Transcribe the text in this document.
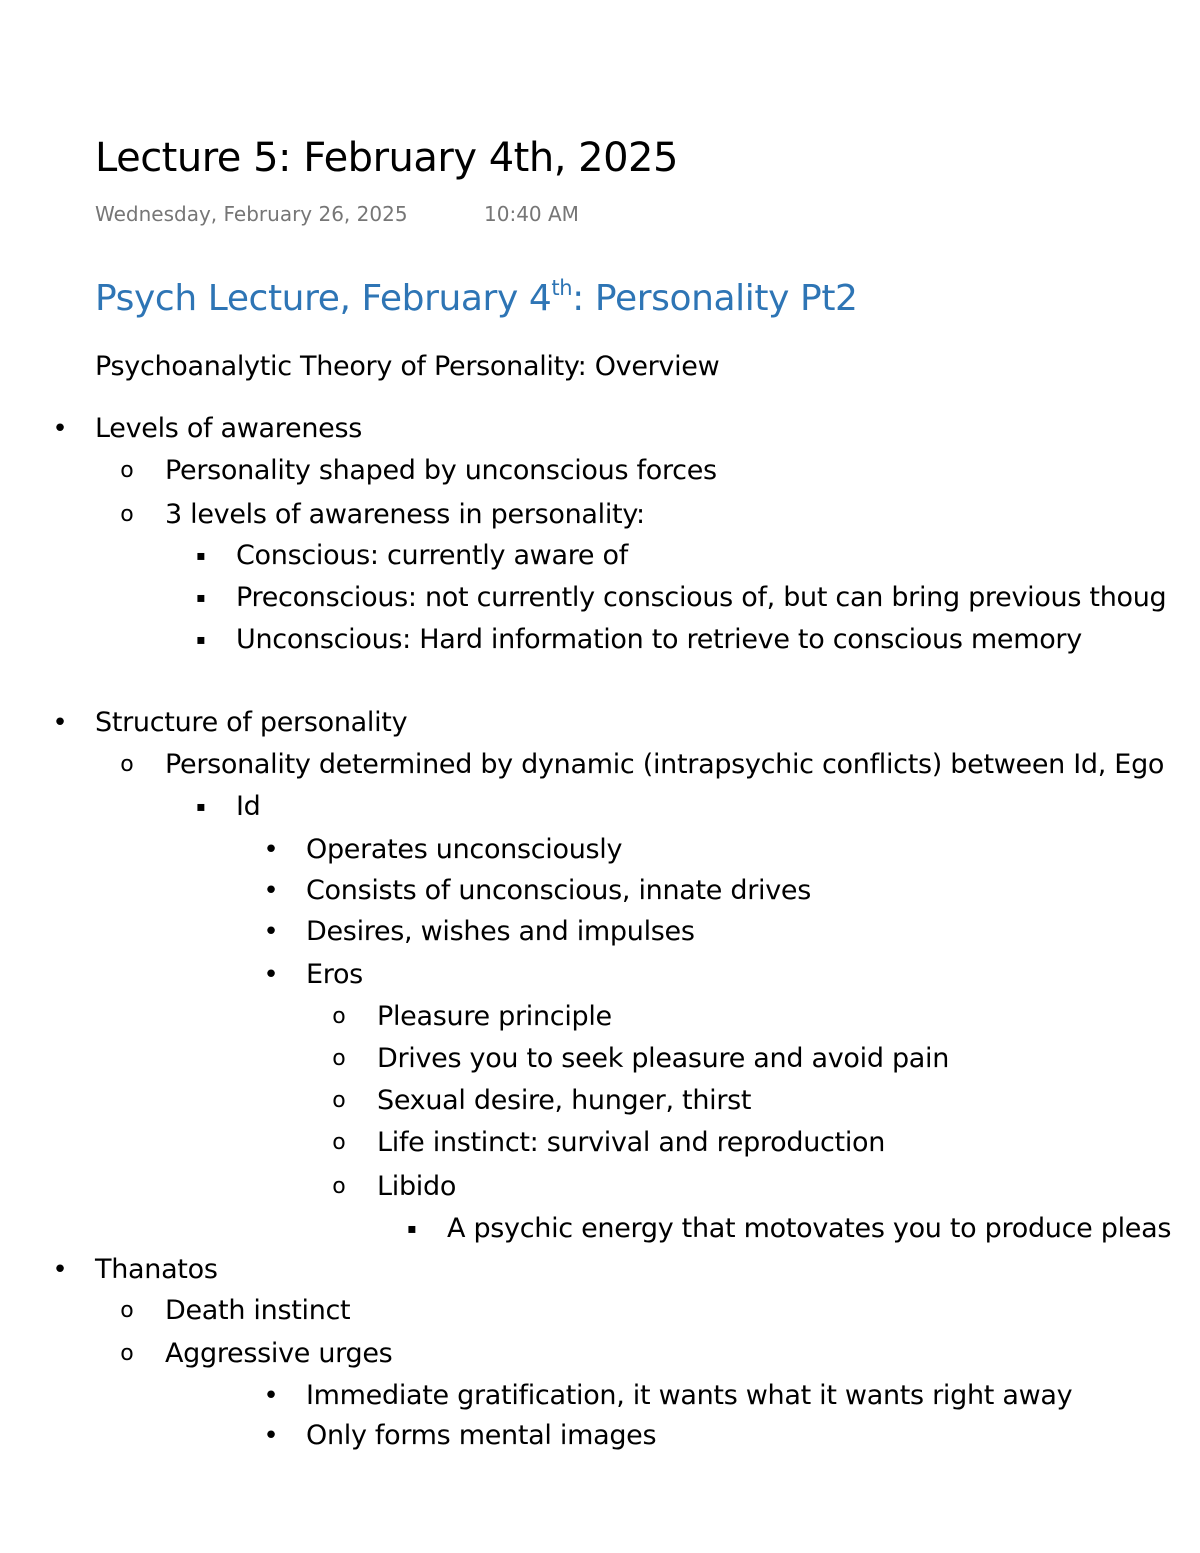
Lecture 5: February 4th, 2025
Wednesday, February 26, 2025	10:40 AM
Psych Lecture, February 4th: Personality Pt2
Psychoanalytic Theory of Personality: Overview
• Levels of awareness
o	Personality shaped by unconscious forces
o	3 levels of awareness in personality:
▪	Conscious: currently aware of
▪	Preconscious: not currently conscious of, but can bring previous thoug
▪	Unconscious: Hard information to retrieve to conscious memory
• Structure of personality
o	Personality determined by dynamic (intrapsychic conflicts) between Id, Ego
▪	Id
• Operates unconsciously
• Consists of unconscious, innate drives
• Desires, wishes and impulses
• Eros
o	Pleasure principle
o	Drives you to seek pleasure and avoid pain
o	Sexual desire, hunger, thirst
o	Life instinct: survival and reproduction
o	Libido
▪	A psychic energy that motovates you to produce pleas
• Thanatos
o	Death instinct
o	Aggressive urges
• Immediate gratification, it wants what it wants right away
• Only forms mental images
